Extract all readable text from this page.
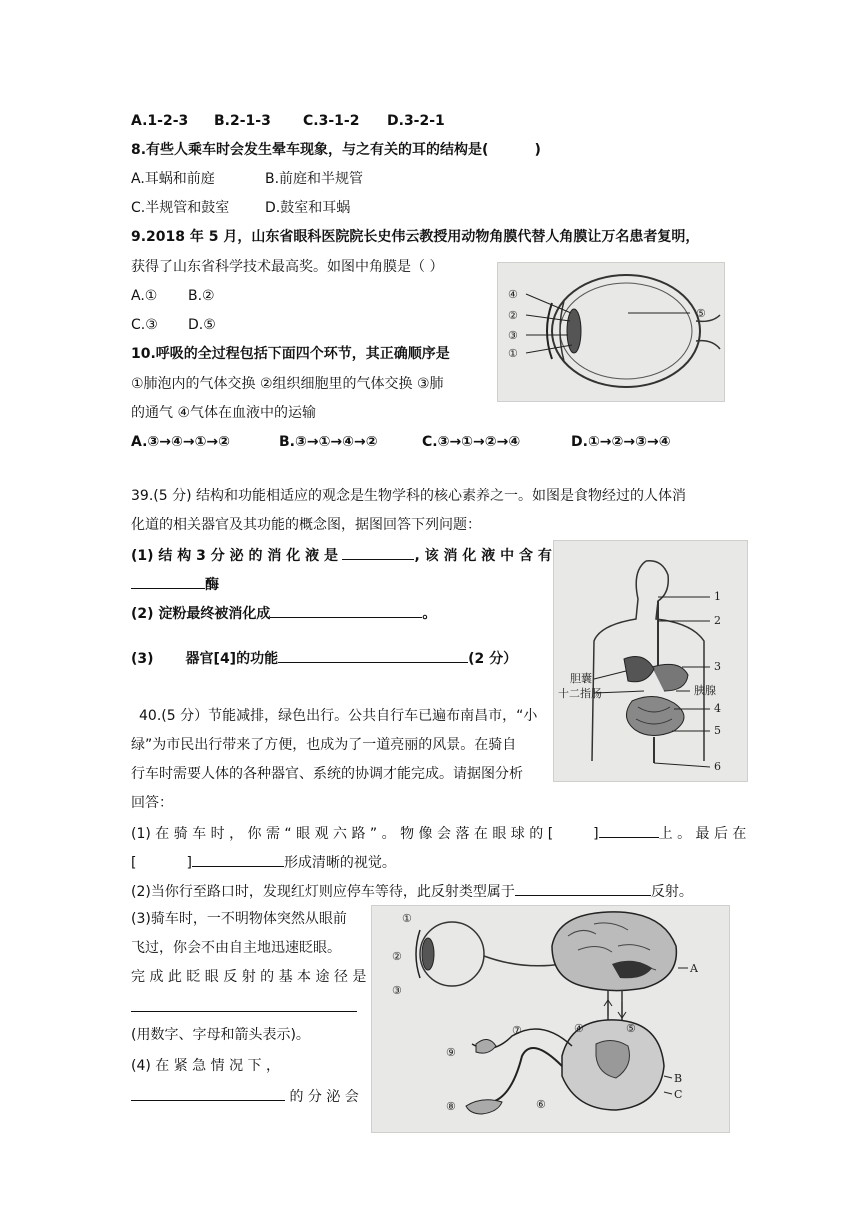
A.1-2-3 B.2-1-3 C.3-1-2 D.3-2-1
8.有些人乘车时会发生晕车现象，与之有关的耳的结构是(	)
A.耳蜗和前庭	B.前庭和半规管
C.半规管和鼓室	D.鼓室和耳蜗
9.2018 年 5 月，山东省眼科医院院长史伟云教授用动物角膜代替人角膜让万名患者复明，
获得了山东省科学技术最高奖。如图中角膜是（ ）
A.① B.②
C.③ D.⑤
④
②
③
①
⑤
10.呼吸的全过程包括下面四个环节，其正确顺序是
①肺泡内的气体交换 ②组织细胞里的气体交换 ③肺
的通气 ④气体在血液中的运输
A.③→④→①→②	B.③→①→④→②	C.③→①→②→④	D.①→②→③→④
39.(5 分) 结构和功能相适应的观念是生物学科的核心素养之一。如图是食物经过的人体消
化道的相关器官及其功能的概念图，据图回答下列问题：
(1) 结 构 3 分 泌 的 消 化 液 是	, 该 消 化 液 中 含 有
酶
(2) 淀粉最终被消化成	。
(3) 器官[4]的功能	(2 分）
1
2
3
胆囊
十二指肠	胰腺
4
5
6
40.(5 分）节能减排，绿色出行。公共自行车已遍布南昌市，“小
绿”为市民出行带来了方便，也成为了一道亮丽的风景。在骑自
行车时需要人体的各种器官、系统的协调才能完成。请据图分析
回答：
(1) 在 骑 车 时 ， 你 需 “ 眼 观 六 路 ” 。 物 像 会 落 在 眼 球 的 [	]	上 。 最 后 在
[	]	形成清晰的视觉。
(2)当你行至路口时，发现红灯则应停车等待，此反射类型属于	反射。
(3)骑车时，一不明物体突然从眼前
飞过，你会不由自主地迅速眨眼。
完 成 此 眨 眼 反 射 的 基 本 途 径 是
(用数字、字母和箭头表示)。
(4) 在 紧 急 情 况 下 ，
的 分 泌 会
①
②
③
A
④	⑤
⑦
⑨
⑧	⑥
B
C
